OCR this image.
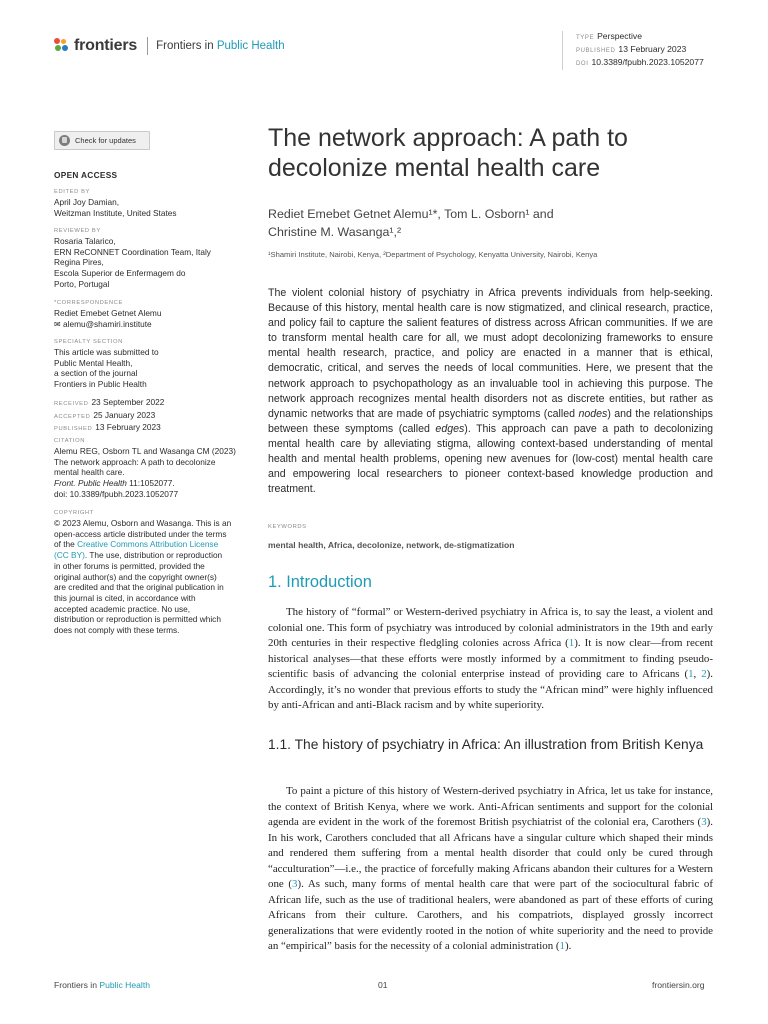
frontiers Frontiers in Public Health
TYPE Perspective
PUBLISHED 13 February 2023
DOI 10.3389/fpubh.2023.1052077
Check for updates
OPEN ACCESS
EDITED BY
April Joy Damian,
Weitzman Institute, United States
REVIEWED BY
Rosaria Talarico,
ERN ReCONNET Coordination Team, Italy
Regina Pires,
Escola Superior de Enfermagem do
Porto, Portugal
*CORRESPONDENCE
Rediet Emebet Getnet Alemu
✉ alemu@shamiri.institute
SPECIALTY SECTION
This article was submitted to
Public Mental Health,
a section of the journal
Frontiers in Public Health
RECEIVED 23 September 2022
ACCEPTED 25 January 2023
PUBLISHED 13 February 2023
CITATION
Alemu REG, Osborn TL and Wasanga CM (2023)
The network approach: A path to decolonize
mental health care.
Front. Public Health 11:1052077.
doi: 10.3389/fpubh.2023.1052077
COPYRIGHT
© 2023 Alemu, Osborn and Wasanga. This is an
open-access article distributed under the terms
of the Creative Commons Attribution License
(CC BY). The use, distribution or reproduction
in other forums is permitted, provided the
original author(s) and the copyright owner(s)
are credited and that the original publication in
this journal is cited, in accordance with
accepted academic practice. No use,
distribution or reproduction is permitted which
does not comply with these terms.
The network approach: A path to decolonize mental health care
Rediet Emebet Getnet Alemu¹*, Tom L. Osborn¹ and
Christine M. Wasanga¹,²
¹Shamiri Institute, Nairobi, Kenya, ²Department of Psychology, Kenyatta University, Nairobi, Kenya
The violent colonial history of psychiatry in Africa prevents individuals from help-seeking. Because of this history, mental health care is now stigmatized, and clinical research, practice, and policy fail to capture the salient features of distress across African communities. If we are to transform mental health care for all, we must adopt decolonizing frameworks to ensure mental health research, practice, and policy are enacted in a manner that is ethical, democratic, critical, and serves the needs of local communities. Here, we present that the network approach to psychopathology as an invaluable tool in achieving this purpose. The network approach recognizes mental health disorders not as discrete entities, but rather as dynamic networks that are made of psychiatric symptoms (called nodes) and the relationships between these symptoms (called edges). This approach can pave a path to decolonizing mental health care by alleviating stigma, allowing context-based understanding of mental health and mental health problems, opening new avenues for (low-cost) mental health care and empowering local researchers to pioneer context-based knowledge production and treatment.
KEYWORDS
mental health, Africa, decolonize, network, de-stigmatization
1. Introduction
The history of “formal” or Western-derived psychiatry in Africa is, to say the least, a violent and colonial one. This form of psychiatry was introduced by colonial administrators in the 19th and early 20th centuries in their respective fledgling colonies across Africa (1). It is now clear—from recent historical analyses—that these efforts were mostly informed by a commitment to finding pseudo-scientific basis of advancing the colonial enterprise instead of providing care to Africans (1, 2). Accordingly, it’s no wonder that previous efforts to study the “African mind” were highly influenced by anti-African and anti-Black racism and by white superiority.
1.1. The history of psychiatry in Africa: An illustration from British Kenya
To paint a picture of this history of Western-derived psychiatry in Africa, let us take for instance, the context of British Kenya, where we work. Anti-African sentiments and support for the colonial agenda are evident in the work of the foremost British psychiatrist of the colonial era, Carothers (3). In his work, Carothers concluded that all Africans have a singular culture which shaped their minds and rendered them suffering from a mental health disorder that could only be cured through “acculturation”—i.e., the practice of forcefully making Africans abandon their cultures for a Western one (3). As such, many forms of mental health care that were part of the sociocultural fabric of African life, such as the use of traditional healers, were abandoned as part of these efforts of curing Africans from their culture. Carothers, and his compatriots, displayed grossly incorrect generalizations that were evidently rooted in the notion of white superiority and the need to provide an “empirical” basis for the necessity of a colonial administration (1).
Frontiers in Public Health	01	frontiersin.org
